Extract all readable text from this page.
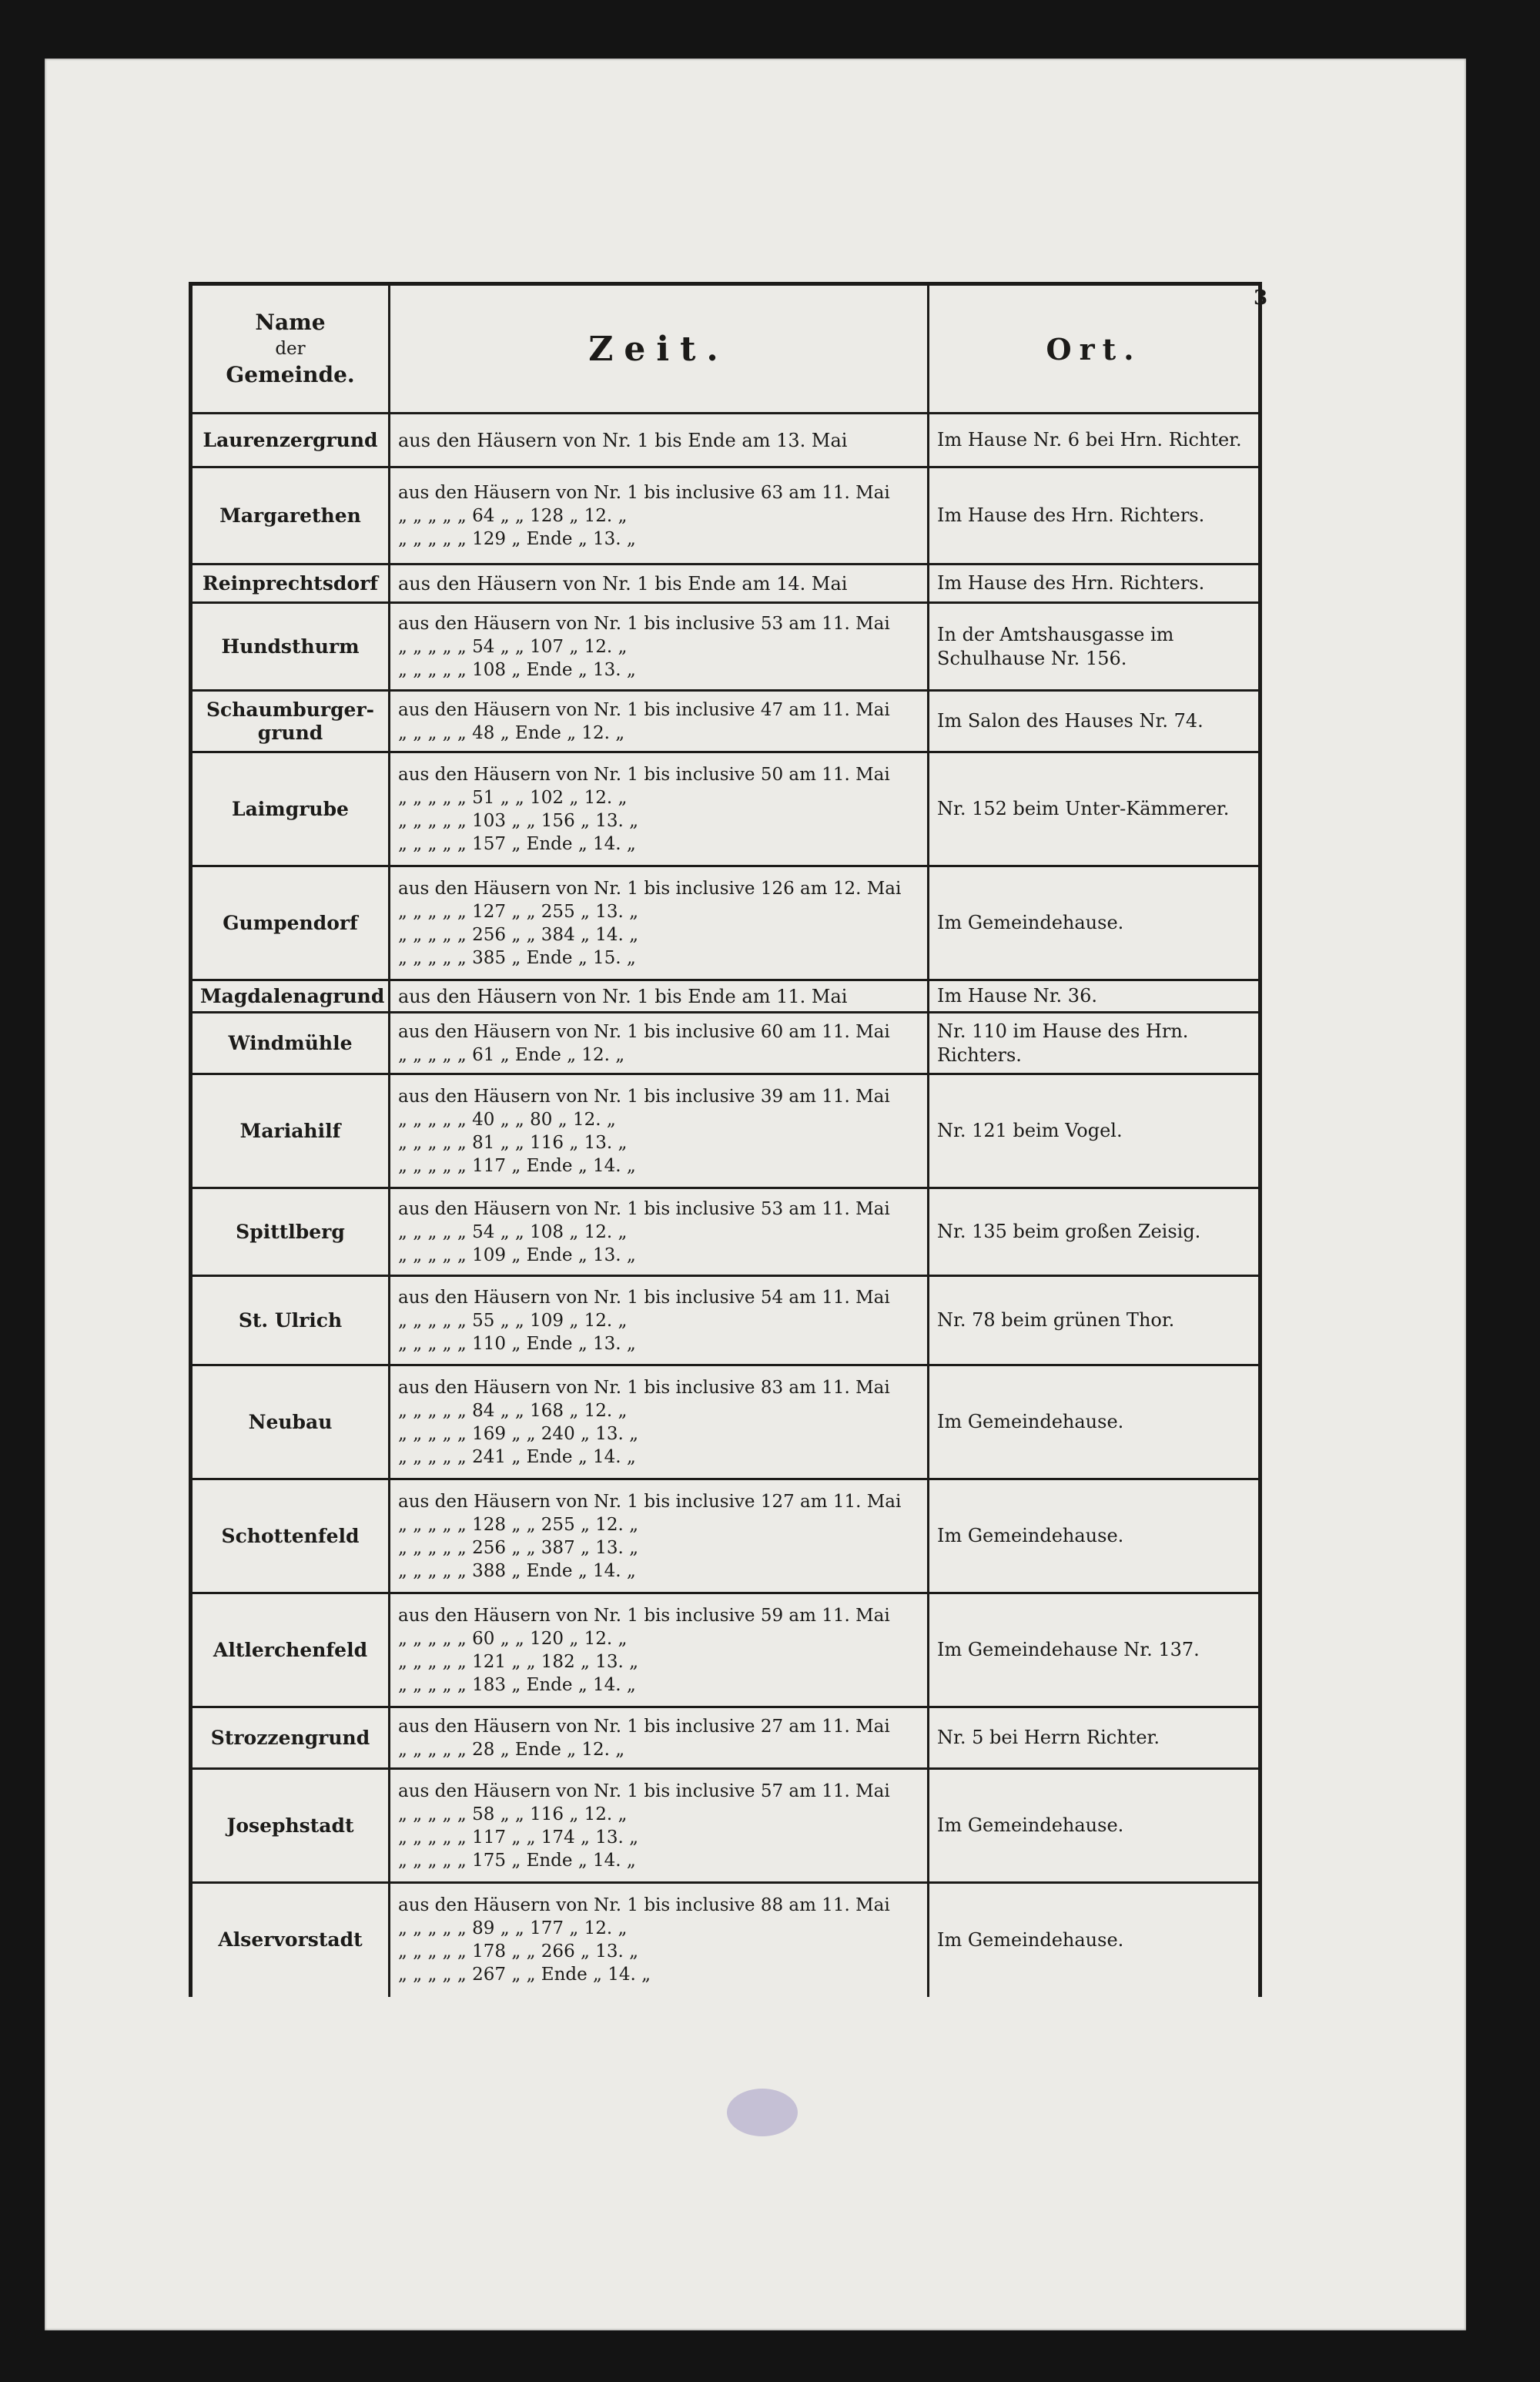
3
Name
der
Gemeinde.	Zeit.	Ort.

Laurenzergrund	aus den Häusern von Nr. 1 bis Ende am 13. Mai	Im Hause Nr. 6 bei Hrn. Richter.

Margarethen	aus den Häusern von Nr. 1 bis inclusive 63 am 11. Mai
„ „ „ „ „ 64 „ „ 128 „ 12. „
„ „ „ „ „ 129 „ Ende „ 13. „	Im Hause des Hrn. Richters.

Reinprechtsdorf	aus den Häusern von Nr. 1 bis Ende am 14. Mai	Im Hause des Hrn. Richters.

Hundsthurm	aus den Häusern von Nr. 1 bis inclusive 53 am 11. Mai
„ „ „ „ „ 54 „ „ 107 „ 12. „
„ „ „ „ „ 108 „ Ende „ 13. „	In der Amtshausgasse im Schulhause Nr. 156.

Schaumburger-grund	aus den Häusern von Nr. 1 bis inclusive 47 am 11. Mai
„ „ „ „ „ 48 „ Ende „ 12. „	Im Salon des Hauses Nr. 74.

Laimgrube	aus den Häusern von Nr. 1 bis inclusive 50 am 11. Mai
„ „ „ „ „ 51 „ „ 102 „ 12. „
„ „ „ „ „ 103 „ „ 156 „ 13. „
„ „ „ „ „ 157 „ Ende „ 14. „	Nr. 152 beim Unter-Kämmerer.

Gumpendorf	aus den Häusern von Nr. 1 bis inclusive 126 am 12. Mai
„ „ „ „ „ 127 „ „ 255 „ 13. „
„ „ „ „ „ 256 „ „ 384 „ 14. „
„ „ „ „ „ 385 „ Ende „ 15. „	Im Gemeindehause.

Magdalenagrund	aus den Häusern von Nr. 1 bis Ende am 11. Mai	Im Hause Nr. 36.

Windmühle	aus den Häusern von Nr. 1 bis inclusive 60 am 11. Mai
„ „ „ „ „ 61 „ Ende „ 12. „	Nr. 110 im Hause des Hrn. Richters.

Mariahilf	aus den Häusern von Nr. 1 bis inclusive 39 am 11. Mai
„ „ „ „ „ 40 „ „ 80 „ 12. „
„ „ „ „ „ 81 „ „ 116 „ 13. „
„ „ „ „ „ 117 „ Ende „ 14. „	Nr. 121 beim Vogel.

Spittlberg	aus den Häusern von Nr. 1 bis inclusive 53 am 11. Mai
„ „ „ „ „ 54 „ „ 108 „ 12. „
„ „ „ „ „ 109 „ Ende „ 13. „	Nr. 135 beim großen Zeisig.

St. Ulrich	aus den Häusern von Nr. 1 bis inclusive 54 am 11. Mai
„ „ „ „ „ 55 „ „ 109 „ 12. „
„ „ „ „ „ 110 „ Ende „ 13. „	Nr. 78 beim grünen Thor.

Neubau	aus den Häusern von Nr. 1 bis inclusive 83 am 11. Mai
„ „ „ „ „ 84 „ „ 168 „ 12. „
„ „ „ „ „ 169 „ „ 240 „ 13. „
„ „ „ „ „ 241 „ Ende „ 14. „	Im Gemeindehause.

Schottenfeld	aus den Häusern von Nr. 1 bis inclusive 127 am 11. Mai
„ „ „ „ „ 128 „ „ 255 „ 12. „
„ „ „ „ „ 256 „ „ 387 „ 13. „
„ „ „ „ „ 388 „ Ende „ 14. „	Im Gemeindehause.

Altlerchenfeld	aus den Häusern von Nr. 1 bis inclusive 59 am 11. Mai
„ „ „ „ „ 60 „ „ 120 „ 12. „
„ „ „ „ „ 121 „ „ 182 „ 13. „
„ „ „ „ „ 183 „ Ende „ 14. „	Im Gemeindehause Nr. 137.

Strozzengrund	aus den Häusern von Nr. 1 bis inclusive 27 am 11. Mai
„ „ „ „ „ 28 „ Ende „ 12. „	Nr. 5 bei Herrn Richter.

Josephstadt	aus den Häusern von Nr. 1 bis inclusive 57 am 11. Mai
„ „ „ „ „ 58 „ „ 116 „ 12. „
„ „ „ „ „ 117 „ „ 174 „ 13. „
„ „ „ „ „ 175 „ Ende „ 14. „	Im Gemeindehause.

Alservorstadt	aus den Häusern von Nr. 1 bis inclusive 88 am 11. Mai
„ „ „ „ „ 89 „ „ 177 „ 12. „
„ „ „ „ „ 178 „ „ 266 „ 13. „
„ „ „ „ „ 267 „ „ Ende „ 14. „	Im Gemeindehause.
